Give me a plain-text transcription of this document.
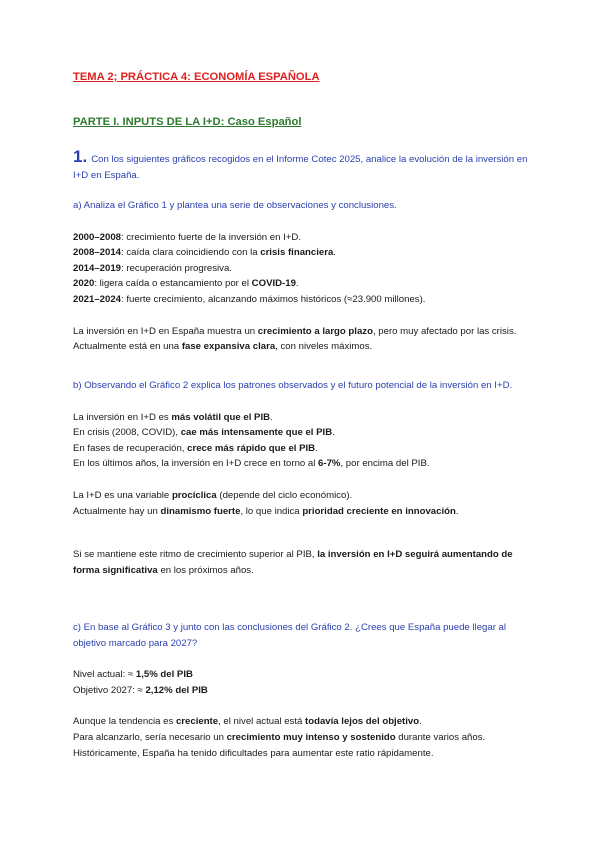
TEMA 2; PRÁCTICA 4: ECONOMÍA ESPAÑOLA
PARTE I. INPUTS DE LA I+D: Caso Español
1. Con los siguientes gráficos recogidos en el Informe Cotec 2025, analice la evolución de la inversión en I+D en España.

a) Analiza el Gráfico 1 y plantea una serie de observaciones y conclusiones.

2000–2008: crecimiento fuerte de la inversión en I+D.

2008–2014: caída clara coincidiendo con la crisis financiera.

2014–2019: recuperación progresiva.

2020: ligera caída o estancamiento por el COVID-19.

2021–2024: fuerte crecimiento, alcanzando máximos históricos (≈23.900 millones).

La inversión en I+D en España muestra un crecimiento a largo plazo, pero muy afectado por las crisis.

Actualmente está en una fase expansiva clara, con niveles máximos.

b) Observando el Gráfico 2 explica los patrones observados y el futuro potencial de la inversión en I+D.

La inversión en I+D es más volátil que el PIB.

En crisis (2008, COVID), cae más intensamente que el PIB.

En fases de recuperación, crece más rápido que el PIB.

En los últimos años, la inversión en I+D crece en torno al 6-7%, por encima del PIB.

La I+D es una variable procíclica (depende del ciclo económico).

Actualmente hay un dinamismo fuerte, lo que indica prioridad creciente en innovación.

Si se mantiene este ritmo de crecimiento superior al PIB, la inversión en I+D seguirá aumentando de forma significativa en los próximos años.

c) En base al Gráfico 3 y junto con las conclusiones del Gráfico 2. ¿Crees que España puede llegar al objetivo marcado para 2027?

Nivel actual: ≈ 1,5% del PIB

Objetivo 2027: ≈ 2,12% del PIB

Aunque la tendencia es creciente, el nivel actual está todavía lejos del objetivo.

Para alcanzarlo, sería necesario un crecimiento muy intenso y sostenido durante varios años.

Históricamente, España ha tenido dificultades para aumentar este ratio rápidamente.
